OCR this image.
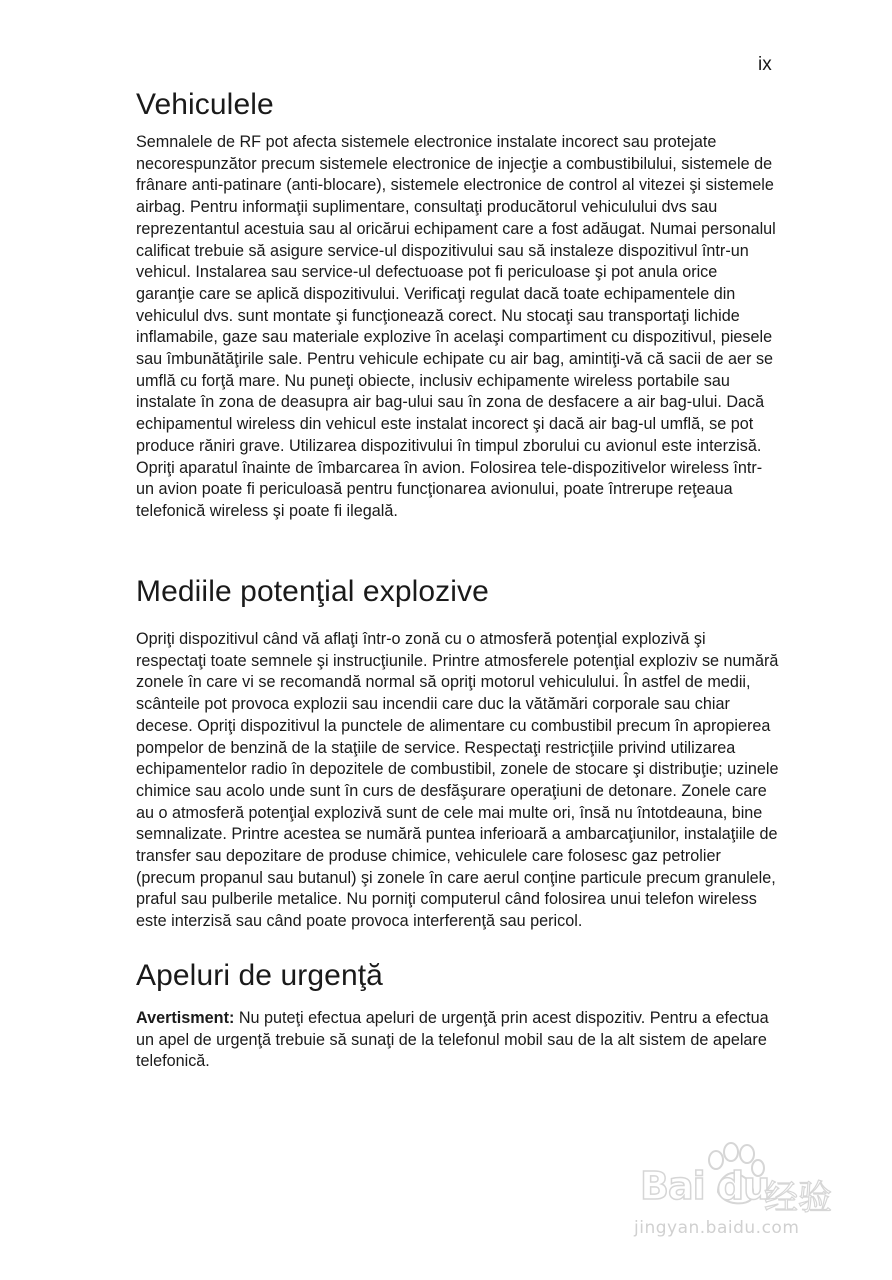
ix
Vehiculele

Semnalele de RF pot afecta sistemele electronice instalate incorect sau protejate necorespunzător precum sistemele electronice de injecţie a combustibilului, sistemele de frânare anti-patinare (anti-blocare), sistemele electronice de control al vitezei şi sistemele airbag. Pentru informaţii suplimentare, consultaţi producătorul vehiculului dvs sau reprezentantul acestuia sau al oricărui echipament care a fost adăugat. Numai personalul calificat trebuie să asigure service-ul dispozitivului sau să instaleze dispozitivul într-un vehicul. Instalarea sau service-ul defectuoase pot fi periculoase şi pot anula orice garanţie care se aplică dispozitivului. Verificaţi regulat dacă toate echipamentele din vehiculul dvs. sunt montate şi funcţionează corect. Nu stocaţi sau transportaţi lichide inflamabile, gaze sau materiale explozive în acelaşi compartiment cu dispozitivul, piesele sau îmbunătăţirile sale. Pentru vehicule echipate cu air bag, amintiţi-vă că sacii de aer se umflă cu forţă mare. Nu puneţi obiecte, inclusiv echipamente wireless portabile sau instalate în zona de deasupra air bag-ului sau în zona de desfacere a air bag-ului. Dacă echipamentul wireless din vehicul este instalat incorect şi dacă air bag-ul umflă, se pot produce răniri grave. Utilizarea dispozitivului în timpul zborului cu avionul este interzisă. Opriţi aparatul înainte de îmbarcarea în avion. Folosirea tele-dispozitivelor wireless într-un avion poate fi periculoasă pentru funcţionarea avionului, poate întrerupe reţeaua telefonică wireless şi poate fi ilegală.

Mediile potenţial explozive

Opriţi dispozitivul când vă aflaţi într-o zonă cu o atmosferă potenţial explozivă şi respectaţi toate semnele şi instrucţiunile. Printre atmosferele potenţial exploziv se numără zonele în care vi se recomandă normal să opriţi motorul vehiculului. În astfel de medii, scânteile pot provoca explozii sau incendii care duc la vătămări corporale sau chiar decese. Opriţi dispozitivul la punctele de alimentare cu combustibil precum în apropierea pompelor de benzină de la staţiile de service. Respectaţi restricţiile privind utilizarea echipamentelor radio în depozitele de combustibil, zonele de stocare şi distribuţie; uzinele chimice sau acolo unde sunt în curs de desfăşurare operaţiuni de detonare. Zonele care au o atmosferă potenţial explozivă sunt de cele mai multe ori, însă nu întotdeauna, bine semnalizate. Printre acestea se numără puntea inferioară a ambarcaţiunilor, instalaţiile de transfer sau depozitare de produse chimice, vehiculele care folosesc gaz petrolier (precum propanul sau butanul) şi zonele în care aerul conţine particule precum granulele, praful sau pulberile metalice. Nu porniţi computerul când folosirea unui telefon wireless este interzisă sau când poate provoca interferenţă sau pericol.

Apeluri de urgenţă

Avertisment: Nu puteţi efectua apeluri de urgenţă prin acest dispozitiv. Pentru a efectua un apel de urgenţă trebuie să sunaţi de la telefonul mobil sau de la alt sistem de apelare telefonică.

Bai du
经验
jingyan.baidu.com
